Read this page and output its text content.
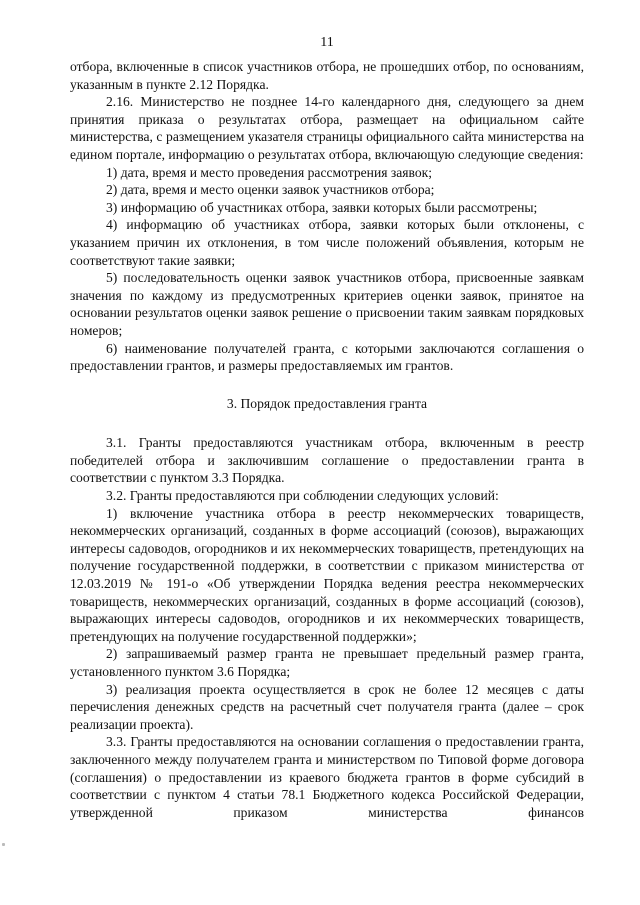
11

отбора, включенные в список участников отбора, не прошедших отбор, по основаниям, указанным в пункте 2.12 Порядка.

2.16. Министерство не позднее 14-го календарного дня, следующего за днем принятия приказа о результатах отбора, размещает на официальном сайте министерства, с размещением указателя страницы официального сайта министерства на едином портале, информацию о результатах отбора, включающую следующие сведения:

1) дата, время и место проведения рассмотрения заявок;

2) дата, время и место оценки заявок участников отбора;

3) информацию об участниках отбора, заявки которых были рассмотрены;

4) информацию об участниках отбора, заявки которых были отклонены, с указанием причин их отклонения, в том числе положений объявления, которым не соответствуют такие заявки;

5) последовательность оценки заявок участников отбора, присвоенные заявкам значения по каждому из предусмотренных критериев оценки заявок, принятое на основании результатов оценки заявок решение о присвоении таким заявкам порядковых номеров;

6) наименование получателей гранта, с которыми заключаются соглашения о предоставлении грантов, и размеры предоставляемых им грантов.

3. Порядок предоставления гранта

3.1. Гранты предоставляются участникам отбора, включенным в реестр победителей отбора и заключившим соглашение о предоставлении гранта в соответствии с пунктом 3.3 Порядка.

3.2. Гранты предоставляются при соблюдении следующих условий:

1) включение участника отбора в реестр некоммерческих товариществ, некоммерческих организаций, созданных в форме ассоциаций (союзов), выражающих интересы садоводов, огородников и их некоммерческих товариществ, претендующих на получение государственной поддержки, в соответствии с приказом министерства от 12.03.2019 № 191-о «Об утверждении Порядка ведения реестра некоммерческих товариществ, некоммерческих организаций, созданных в форме ассоциаций (союзов), выражающих интересы садоводов, огородников и их некоммерческих товариществ, претендующих на получение государственной поддержки»;

2) запрашиваемый размер гранта не превышает предельный размер гранта, установленного пунктом 3.6 Порядка;

3) реализация проекта осуществляется в срок не более 12 месяцев с даты перечисления денежных средств на расчетный счет получателя гранта (далее – срок реализации проекта).

3.3. Гранты предоставляются на основании соглашения о предоставлении гранта, заключенного между получателем гранта и министерством по Типовой форме договора (соглашения) о предоставлении из краевого бюджета грантов в форме субсидий в соответствии с пунктом 4 статьи 78.1 Бюджетного кодекса Российской Федерации, утвержденной приказом министерства финансов
